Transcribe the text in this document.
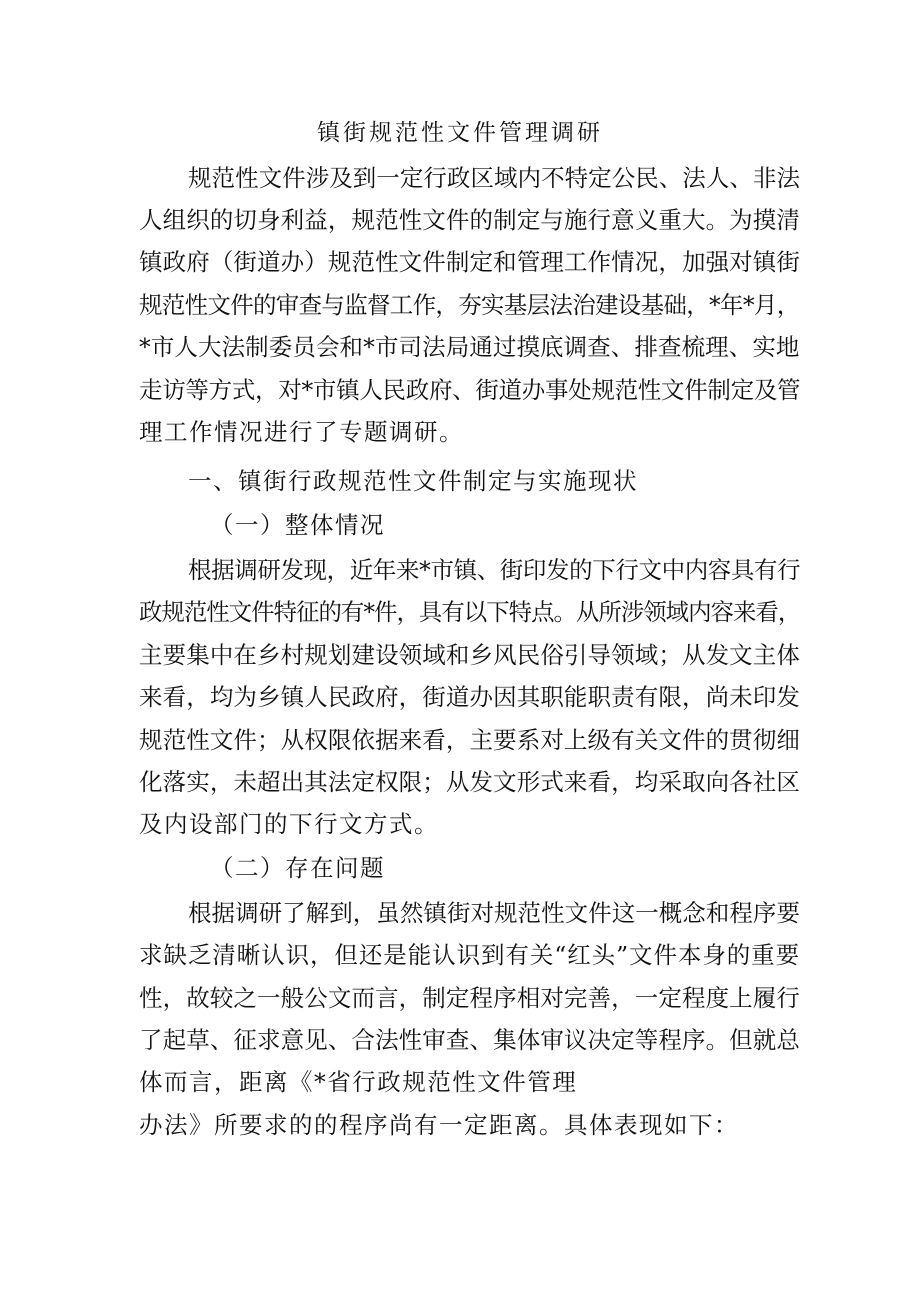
镇街规范性文件管理调研
规范性文件涉及到一定行政区域内不特定公民、法人、非法
人组织的切身利益，规范性文件的制定与施行意义重大。为摸清
镇政府（街道办）规范性文件制定和管理工作情况，加强对镇街
规范性文件的审查与监督工作，夯实基层法治建设基础，*年*月，
*市人大法制委员会和*市司法局通过摸底调查、排查梳理、实地
走访等方式，对*市镇人民政府、街道办事处规范性文件制定及管
理工作情况进行了专题调研。
一、镇街行政规范性文件制定与实施现状
（一）整体情况
根据调研发现，近年来*市镇、街印发的下行文中内容具有行
政规范性文件特征的有*件，具有以下特点。从所涉领域内容来看，
主要集中在乡村规划建设领域和乡风民俗引导领域；从发文主体
来看，均为乡镇人民政府，街道办因其职能职责有限，尚未印发
规范性文件；从权限依据来看，主要系对上级有关文件的贯彻细
化落实，未超出其法定权限；从发文形式来看，均采取向各社区
及内设部门的下行文方式。
（二）存在问题
根据调研了解到，虽然镇街对规范性文件这一概念和程序要
求缺乏清晰认识，但还是能认识到有关“红头”文件本身的重要
性，故较之一般公文而言，制定程序相对完善，一定程度上履行
了起草、征求意见、合法性审查、集体审议决定等程序。但就总
体而言，距离《*省行政规范性文件管理
办法》所要求的的程序尚有一定距离。具体表现如下：
